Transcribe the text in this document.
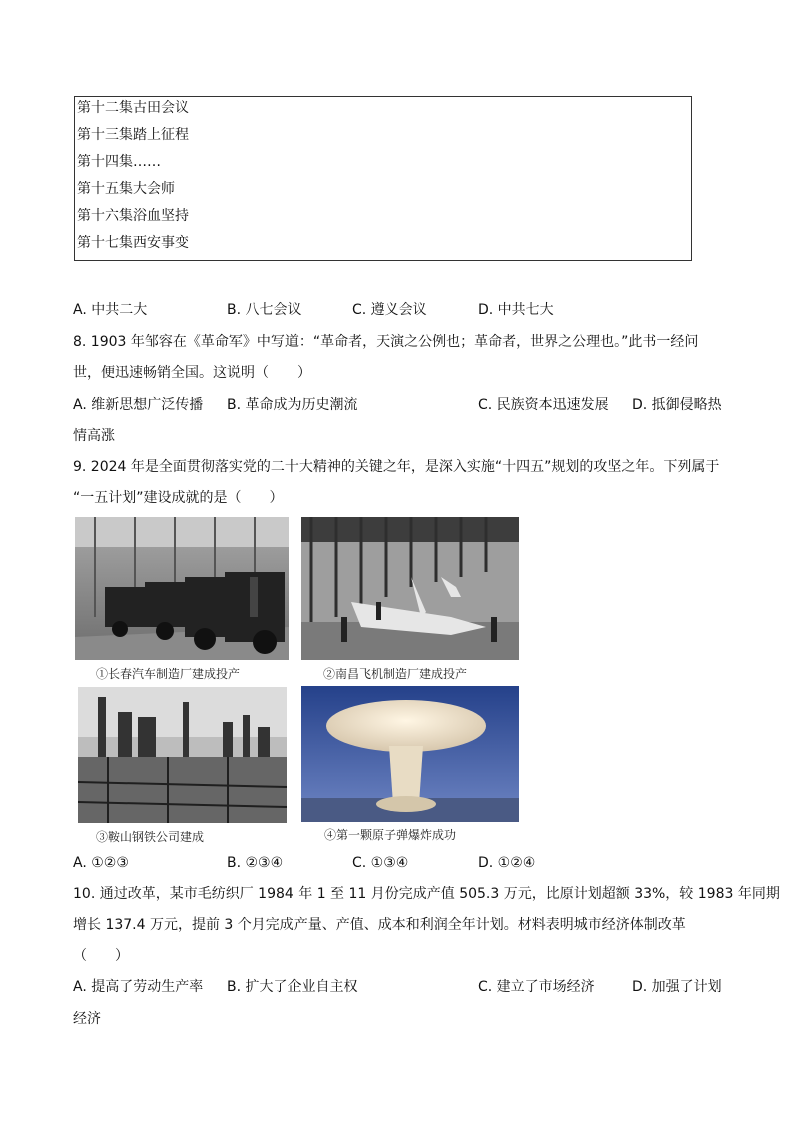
第十二集古田会议
第十三集踏上征程
第十四集……
第十五集大会师
第十六集浴血坚持
第十七集西安事变
A. 中共二大	B. 八七会议	C. 遵义会议	D. 中共七大
8. 1903 年邹容在《革命军》中写道：“革命者，天演之公例也；革命者，世界之公理也。”此书一经问
世，便迅速畅销全国。这说明（　　）
A. 维新思想广泛传播 B. 革命成为历史潮流	C. 民族资本迅速发展 D. 抵御侵略热
情高涨
9. 2024 年是全面贯彻落实党的二十大精神的关键之年，是深入实施“十四五”规划的攻坚之年。下列属于
“一五计划”建设成就的是（　　）
①长春汽车制造厂建成投产	②南昌飞机制造厂建成投产
③鞍山钢铁公司建成	④第一颗原子弹爆炸成功
A. ①②③	B. ②③④	C. ①③④	D. ①②④
10. 通过改革，某市毛纺织厂 1984 年 1 至 11 月份完成产值 505.3 万元，比原计划超额 33%，较 1983 年同期
增长 137.4 万元，提前 3 个月完成产量、产值、成本和利润全年计划。材料表明城市经济体制改革
（　　）
A. 提高了劳动生产率 B. 扩大了企业自主权	C. 建立了市场经济	D. 加强了计划
经济
